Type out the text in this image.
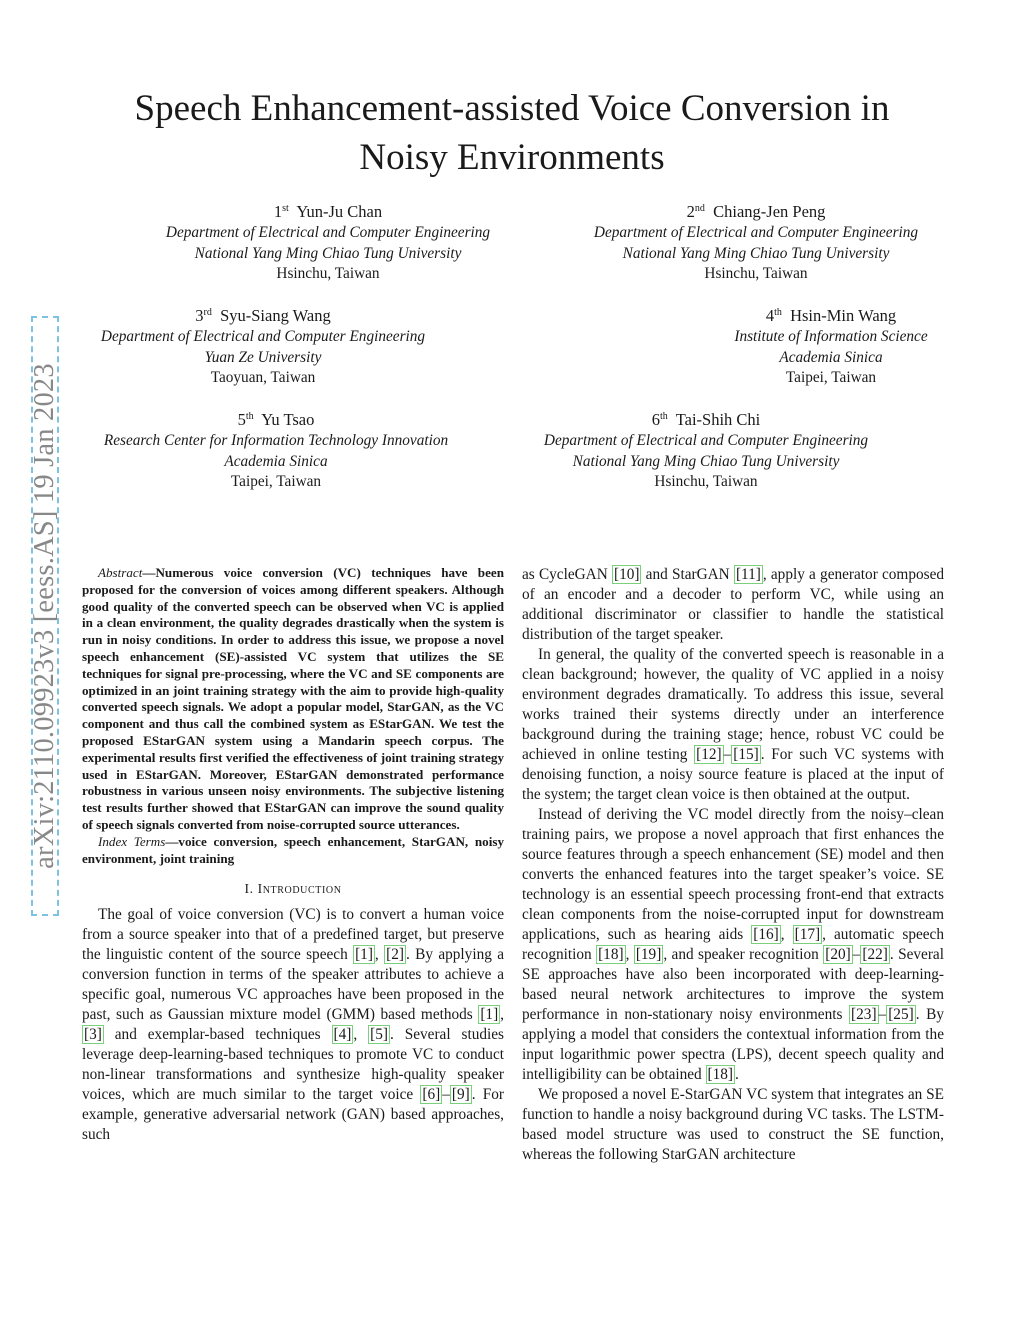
Speech Enhancement-assisted Voice Conversion in
Noisy Environments
arXiv:2110.09923v3 [eess.AS] 19 Jan 2023
1st Yun-Ju Chan
Department of Electrical and Computer Engineering
National Yang Ming Chiao Tung University
Hsinchu, Taiwan
2nd Chiang-Jen Peng
Department of Electrical and Computer Engineering
National Yang Ming Chiao Tung University
Hsinchu, Taiwan
3rd Syu-Siang Wang
Department of Electrical and Computer Engineering
Yuan Ze University
Taoyuan, Taiwan
4th Hsin-Min Wang
Institute of Information Science
Academia Sinica
Taipei, Taiwan
5th Yu Tsao
Research Center for Information Technology Innovation
Academia Sinica
Taipei, Taiwan
6th Tai-Shih Chi
Department of Electrical and Computer Engineering
National Yang Ming Chiao Tung University
Hsinchu, Taiwan

Abstract—Numerous voice conversion (VC) techniques have been proposed for the conversion of voices among different speakers. Although good quality of the converted speech can be observed when VC is applied in a clean environment, the quality degrades drastically when the system is run in noisy conditions. In order to address this issue, we propose a novel speech enhancement (SE)-assisted VC system that utilizes the SE techniques for signal pre-processing, where the VC and SE components are optimized in an joint training strategy with the aim to provide high-quality converted speech signals. We adopt a popular model, StarGAN, as the VC component and thus call the combined system as EStarGAN. We test the proposed EStarGAN system using a Mandarin speech corpus. The experimental results first verified the effectiveness of joint training strategy used in EStarGAN. Moreover, EStarGAN demonstrated performance robustness in various unseen noisy environments. The subjective listening test results further showed that EStarGAN can improve the sound quality of speech signals converted from noise-corrupted source utterances.

Index Terms—voice conversion, speech enhancement, StarGAN, noisy environment, joint training

I. Introduction

The goal of voice conversion (VC) is to convert a human voice from a source speaker into that of a predefined target, but preserve the linguistic content of the source speech [1] , [2] . By applying a conversion function in terms of the speaker attributes to achieve a specific goal, numerous VC approaches have been proposed in the past, such as Gaussian mixture model (GMM) based methods [1] , [3] and exemplar-based techniques [4] , [5] . Several studies leverage deep-learning-based techniques to promote VC to conduct non-linear transformations and synthesize high-quality speaker voices, which are much similar to the target voice [6] – [9] . For example, generative adversarial network (GAN) based approaches, such

as CycleGAN [10] and StarGAN [11] , apply a generator composed of an encoder and a decoder to perform VC, while using an additional discriminator or classifier to handle the statistical distribution of the target speaker.

In general, the quality of the converted speech is reasonable in a clean background; however, the quality of VC applied in a noisy environment degrades dramatically. To address this issue, several works trained their systems directly under an interference background during the training stage; hence, robust VC could be achieved in online testing [12] – [15] . For such VC systems with denoising function, a noisy source feature is placed at the input of the system; the target clean voice is then obtained at the output.

Instead of deriving the VC model directly from the noisy–clean training pairs, we propose a novel approach that first enhances the source features through a speech enhancement (SE) model and then converts the enhanced features into the target speaker’s voice. SE technology is an essential speech processing front-end that extracts clean components from the noise-corrupted input for downstream applications, such as hearing aids [16] , [17] , automatic speech recognition [18] , [19] , and speaker recognition [20] – [22] . Several SE approaches have also been incorporated with deep-learning-based neural network architectures to improve the system performance in non-stationary noisy environments [23] – [25] . By applying a model that considers the contextual information from the input logarithmic power spectra (LPS), decent speech quality and intelligibility can be obtained [18] .

We proposed a novel E-StarGAN VC system that integrates an SE function to handle a noisy background during VC tasks. The LSTM-based model structure was used to construct the SE function, whereas the following StarGAN architecture
